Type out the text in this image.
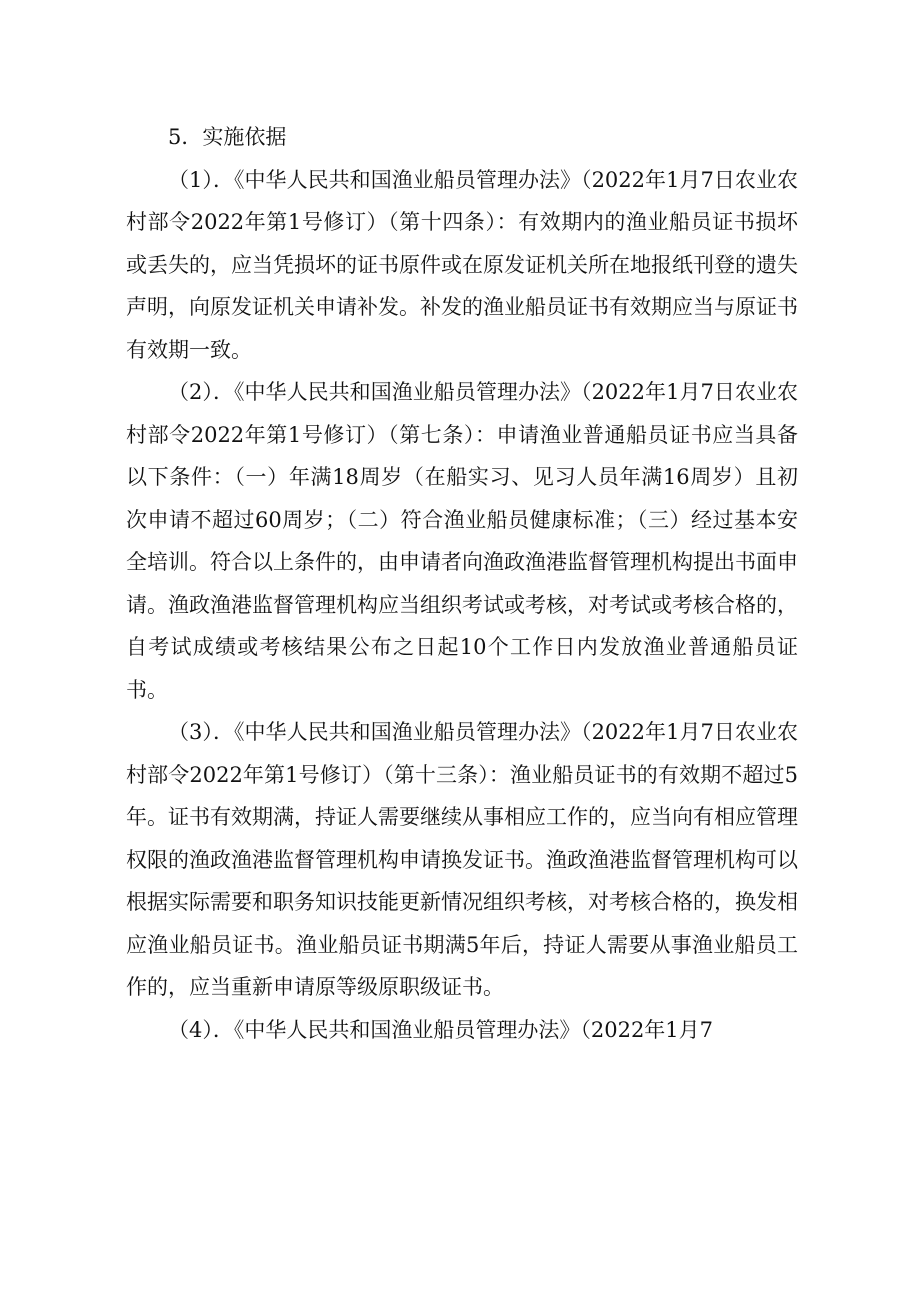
5．实施依据

（1）．《中华人民共和国渔业船员管理办法》（2022年1月7日农业农村部令2022年第1号修订）（第十四条）：有效期内的渔业船员证书损坏或丢失的，应当凭损坏的证书原件或在原发证机关所在地报纸刊登的遗失声明，向原发证机关申请补发。补发的渔业船员证书有效期应当与原证书有效期一致。

（2）．《中华人民共和国渔业船员管理办法》（2022年1月7日农业农村部令2022年第1号修订）（第七条）：申请渔业普通船员证书应当具备以下条件：（一）年满18周岁（在船实习、见习人员年满16周岁）且初次申请不超过60周岁；（二）符合渔业船员健康标准；（三）经过基本安全培训。符合以上条件的，由申请者向渔政渔港监督管理机构提出书面申请。渔政渔港监督管理机构应当组织考试或考核，对考试或考核合格的，自考试成绩或考核结果公布之日起10个工作日内发放渔业普通船员证书。

（3）．《中华人民共和国渔业船员管理办法》（2022年1月7日农业农村部令2022年第1号修订）（第十三条）：渔业船员证书的有效期不超过5年。证书有效期满，持证人需要继续从事相应工作的，应当向有相应管理权限的渔政渔港监督管理机构申请换发证书。渔政渔港监督管理机构可以根据实际需要和职务知识技能更新情况组织考核，对考核合格的，换发相应渔业船员证书。渔业船员证书期满5年后，持证人需要从事渔业船员工作的，应当重新申请原等级原职级证书。

（4）．《中华人民共和国渔业船员管理办法》（2022年1月7
